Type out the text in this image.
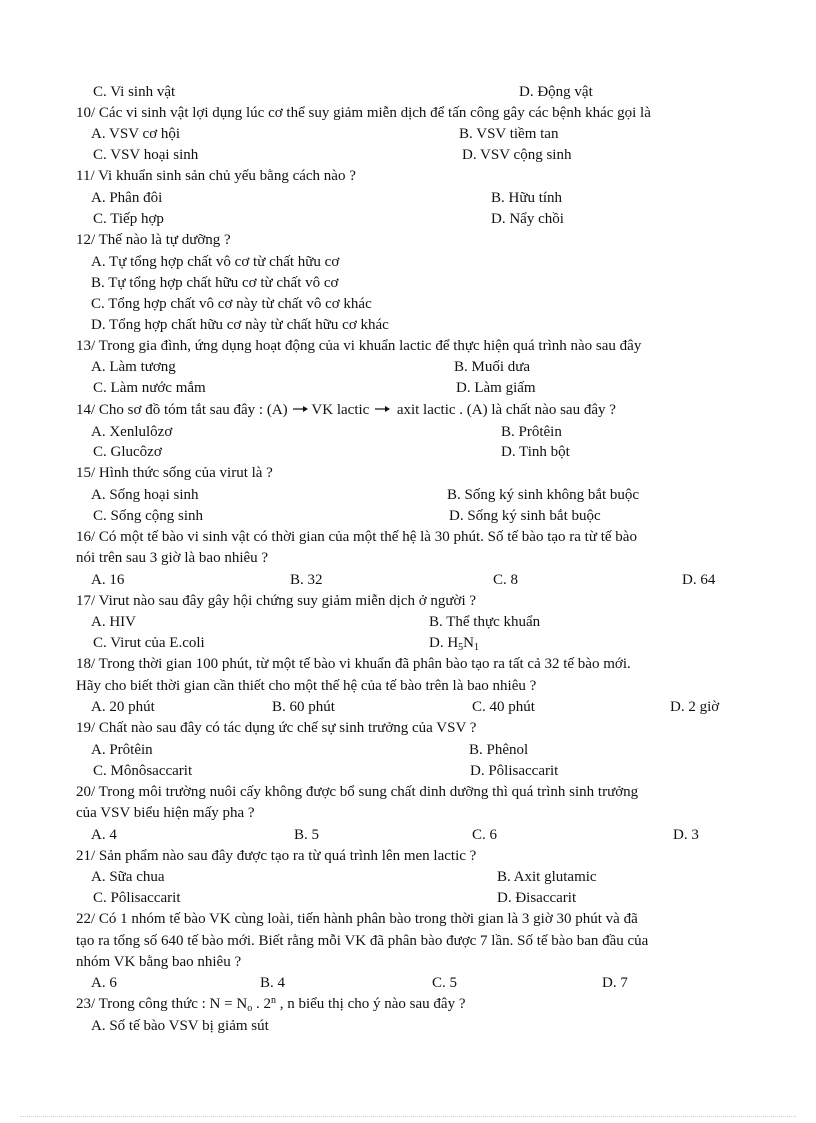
C. Vi sinh vật	D. Động vật
10/ Các vi sinh vật lợi dụng lúc cơ thể suy giảm miễn dịch để tấn công gây các bệnh khác gọi là
A. VSV cơ hội	B. VSV tiềm tan
C. VSV hoại sinh	D. VSV cộng sinh
11/ Vi khuẩn sinh sản chủ yếu bằng cách nào ?
A. Phân đôi	B. Hữu tính
C. Tiếp hợp	D. Nẩy chồi
12/ Thế nào là tự dưỡng ?
A. Tự tổng hợp chất vô cơ từ chất hữu cơ
B. Tự tổng hợp chất hữu cơ từ chất vô cơ
C. Tổng hợp chất vô cơ này từ chất vô cơ khác
D. Tổng hợp chất hữu cơ này từ chất hữu cơ khác
13/ Trong gia đình, ứng dụng hoạt động của vi khuẩn lactic để thực hiện quá trình nào sau đây
A. Làm tương	B. Muối dưa
C. Làm nước mắm	D. Làm giấm
14/ Cho sơ đồ tóm tắt sau đây : (A) VK lactic  axit lactic . (A) là chất nào sau đây ?
A. Xenlulôzơ	B. Prôtêin
C. Glucôzơ	D. Tinh bột
15/ Hình thức sống của virut là ?
A. Sống hoại sinh	B. Sống ký sinh không bắt buộc
C. Sống cộng sinh	D. Sống ký sinh bắt buộc
16/ Có một tế bào vi sinh vật có thời gian của một thế hệ là 30 phút. Số tế bào tạo ra từ tế bào
nói trên sau 3 giờ là bao nhiêu ?
A. 16	B. 32	C. 8	D. 64
17/ Virut nào sau đây gây hội chứng suy giảm miễn dịch ở người ?
A. HIV	B. Thể thực khuẩn
C. Virut của E.coli	D. $H_5N_1$
18/ Trong thời gian 100 phút, từ một tế bào vi khuẩn đã phân bào tạo ra tất cả 32 tế bào mới.
Hãy cho biết thời gian cần thiết cho một thế hệ của tế bào trên là bao nhiêu ?
A. 20 phút	B. 60 phút	C. 40 phút	D. 2 giờ
19/ Chất nào sau đây có tác dụng ức chế sự sinh trưởng của VSV ?
A. Prôtêin	B. Phênol
C. Mônôsaccarit	D. Pôlisaccarit
20/ Trong môi trường nuôi cấy không được bổ sung chất dinh dưỡng thì quá trình sinh trưởng
của VSV biểu hiện mấy pha ?
A. 4	B. 5	C. 6	D. 3
21/ Sản phẩm nào sau đây được tạo ra từ quá trình lên men lactic ?
A. Sữa chua	B. Axit glutamic
C. Pôlisaccarit	D. Đisaccarit
22/ Có 1 nhóm tế bào VK cùng loài, tiến hành phân bào trong thời gian là 3 giờ 30 phút và đã
tạo ra tổng số 640 tế bào mới. Biết rằng mỗi VK đã phân bào được 7 lần. Số tế bào ban đầu của
nhóm VK bằng bao nhiêu ?
A. 6	B. 4	C. 5	D. 7
23/ Trong công thức : $N = N_o$ . 2$^n$ , n biểu thị cho ý nào sau đây ?
A. Số tế bào VSV bị giảm sút
